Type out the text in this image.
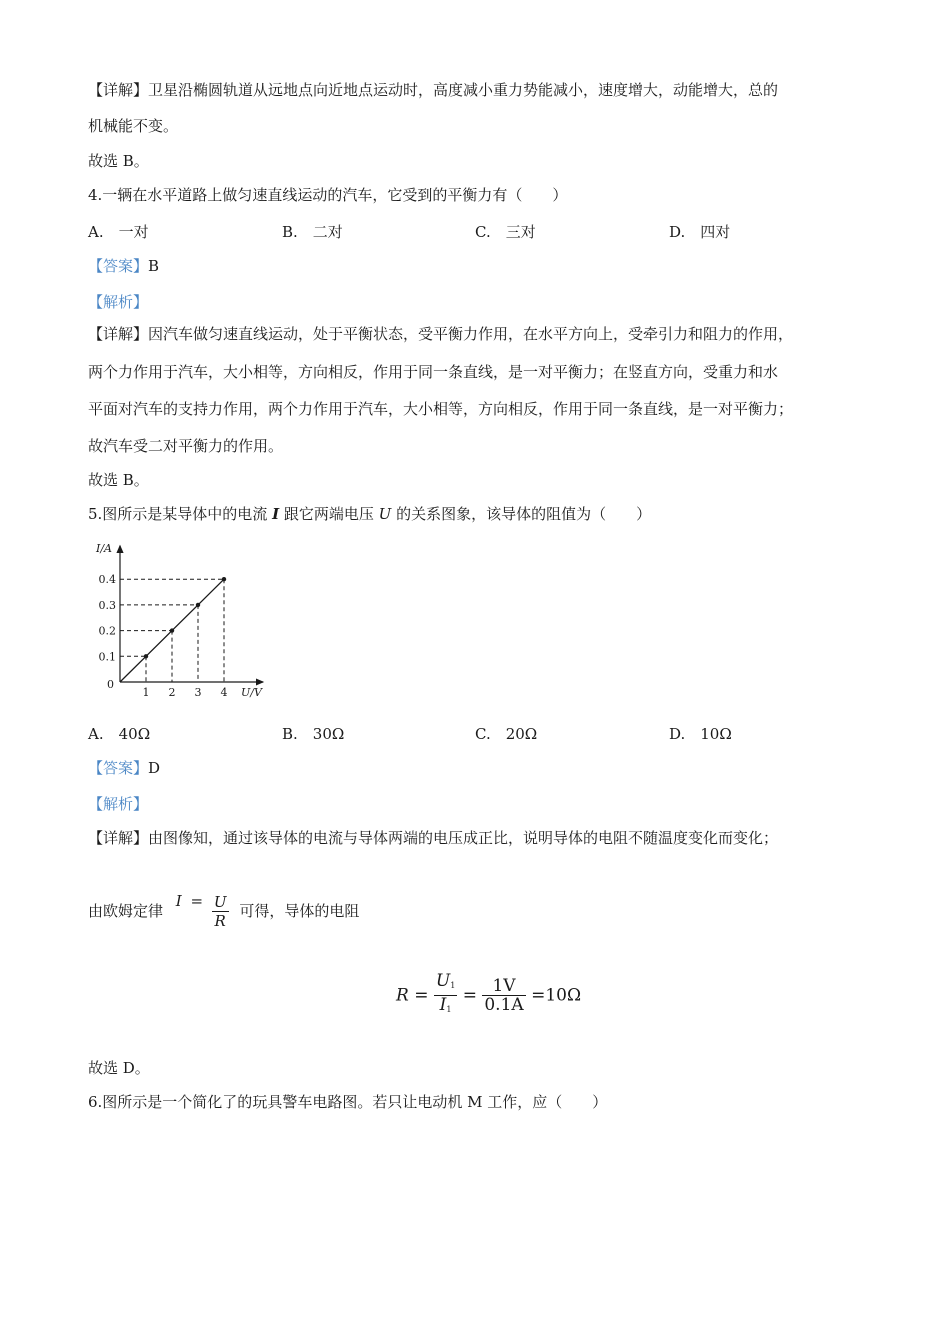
【详解】卫星沿椭圆轨道从远地点向近地点运动时，高度减小重力势能减小，速度增大，动能增大，总的
机械能不变。
故选 B。
4.一辆在水平道路上做匀速直线运动的汽车，它受到的平衡力有（　　）
A.　一对	B.　二对	C.　三对	D.　四对
【答案】B
【解析】
【详解】因汽车做匀速直线运动，处于平衡状态，受平衡力作用，在水平方向上，受牵引力和阻力的作用，
两个力作用于汽车，大小相等，方向相反，作用于同一条直线，是一对平衡力；在竖直方向，受重力和水
平面对汽车的支持力作用，两个力作用于汽车，大小相等，方向相反，作用于同一条直线，是一对平衡力；
故汽车受二对平衡力的作用。
故选 B。
5.图所示是某导体中的电流 I 跟它两端电压 U 的关系图象，该导体的阻值为（　　）
1 2 3 4
0.1
0.2
0.3
0.4
0
U/V
I/A
A.　40Ω	B.　30Ω	C.　20Ω	D.　10Ω
【答案】D
【解析】
【详解】由图像知，通过该导体的电流与导体两端的电压成正比，说明导体的电阻不随温度变化而变化；
由欧姆定律 $I = \frac{U}{R}$ 可得，导体的电阻
$R = \frac{U_1}{I_1} = \frac{1V}{0.1A} =10\Omega$
故选 D。
6.图所示是一个简化了的玩具警车电路图。若只让电动机 M 工作，应（　　）
